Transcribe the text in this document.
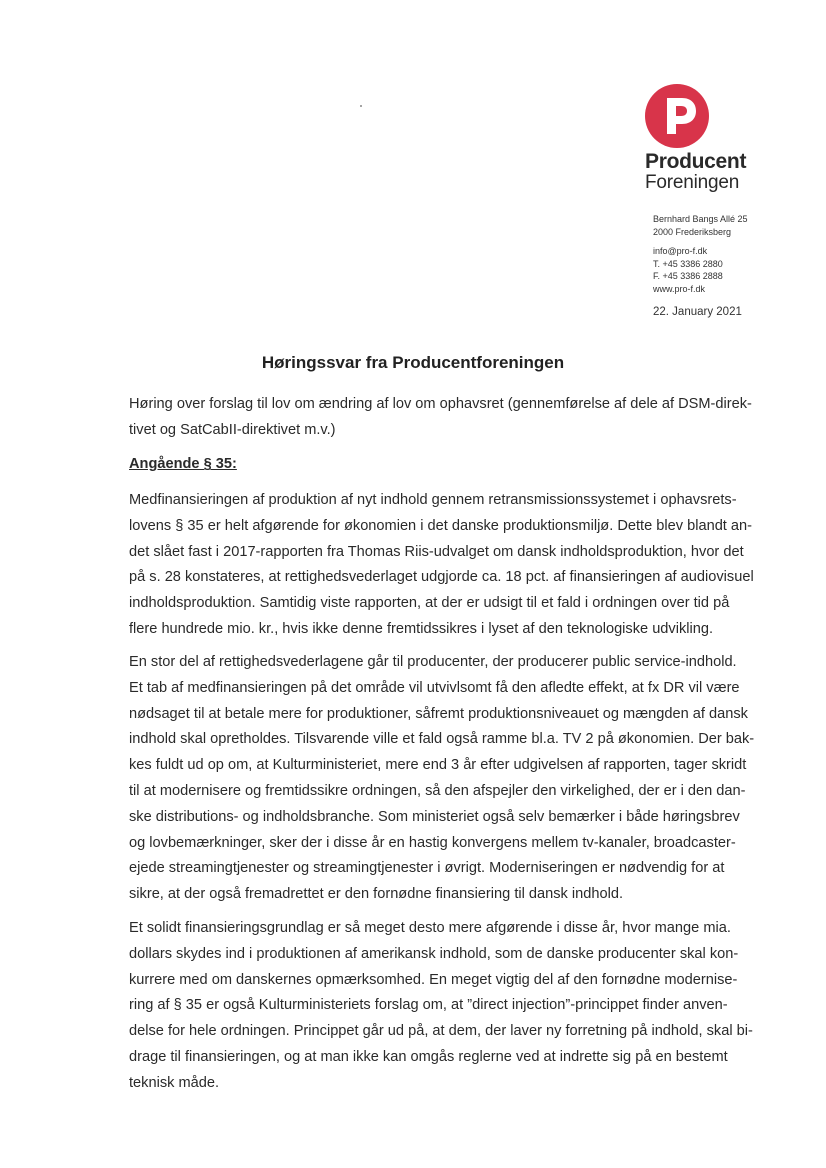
Producent
Foreningen
Bernhard Bangs Allé 25
2000 Frederiksberg
info@pro-f.dk
T. +45 3386 2880
F. +45 3386 2888
www.pro-f.dk
22. January 2021
Høringssvar fra Producentforeningen
Høring over forslag til lov om ændring af lov om ophavsret (gennemførelse af dele af DSM-direk-
tivet og SatCabII-direktivet m.v.)
Angående § 35:
Medfinansieringen af produktion af nyt indhold gennem retransmissionssystemet i ophavsrets-
lovens § 35 er helt afgørende for økonomien i det danske produktionsmiljø. Dette blev blandt an-
det slået fast i 2017-rapporten fra Thomas Riis-udvalget om dansk indholdsproduktion, hvor det
på s. 28 konstateres, at rettighedsvederlaget udgjorde ca. 18 pct. af finansieringen af audiovisuel
indholdsproduktion. Samtidig viste rapporten, at der er udsigt til et fald i ordningen over tid på
flere hundrede mio. kr., hvis ikke denne fremtidssikres i lyset af den teknologiske udvikling.
En stor del af rettighedsvederlagene går til producenter, der producerer public service-indhold.
Et tab af medfinansieringen på det område vil utvivlsomt få den afledte effekt, at fx DR vil være
nødsaget til at betale mere for produktioner, såfremt produktionsniveauet og mængden af dansk
indhold skal opretholdes. Tilsvarende ville et fald også ramme bl.a. TV 2 på økonomien. Der bak-
kes fuldt ud op om, at Kulturministeriet, mere end 3 år efter udgivelsen af rapporten, tager skridt
til at modernisere og fremtidssikre ordningen, så den afspejler den virkelighed, der er i den dan-
ske distributions- og indholdsbranche. Som ministeriet også selv bemærker i både høringsbrev
og lovbemærkninger, sker der i disse år en hastig konvergens mellem tv-kanaler, broadcaster-
ejede streamingtjenester og streamingtjenester i øvrigt. Moderniseringen er nødvendig for at
sikre, at der også fremadrettet er den fornødne finansiering til dansk indhold.
Et solidt finansieringsgrundlag er så meget desto mere afgørende i disse år, hvor mange mia.
dollars skydes ind i produktionen af amerikansk indhold, som de danske producenter skal kon-
kurrere med om danskernes opmærksomhed. En meget vigtig del af den fornødne modernise-
ring af § 35 er også Kulturministeriets forslag om, at ”direct injection”-princippet finder anven-
delse for hele ordningen. Princippet går ud på, at dem, der laver ny forretning på indhold, skal bi-
drage til finansieringen, og at man ikke kan omgås reglerne ved at indrette sig på en bestemt
teknisk måde.
